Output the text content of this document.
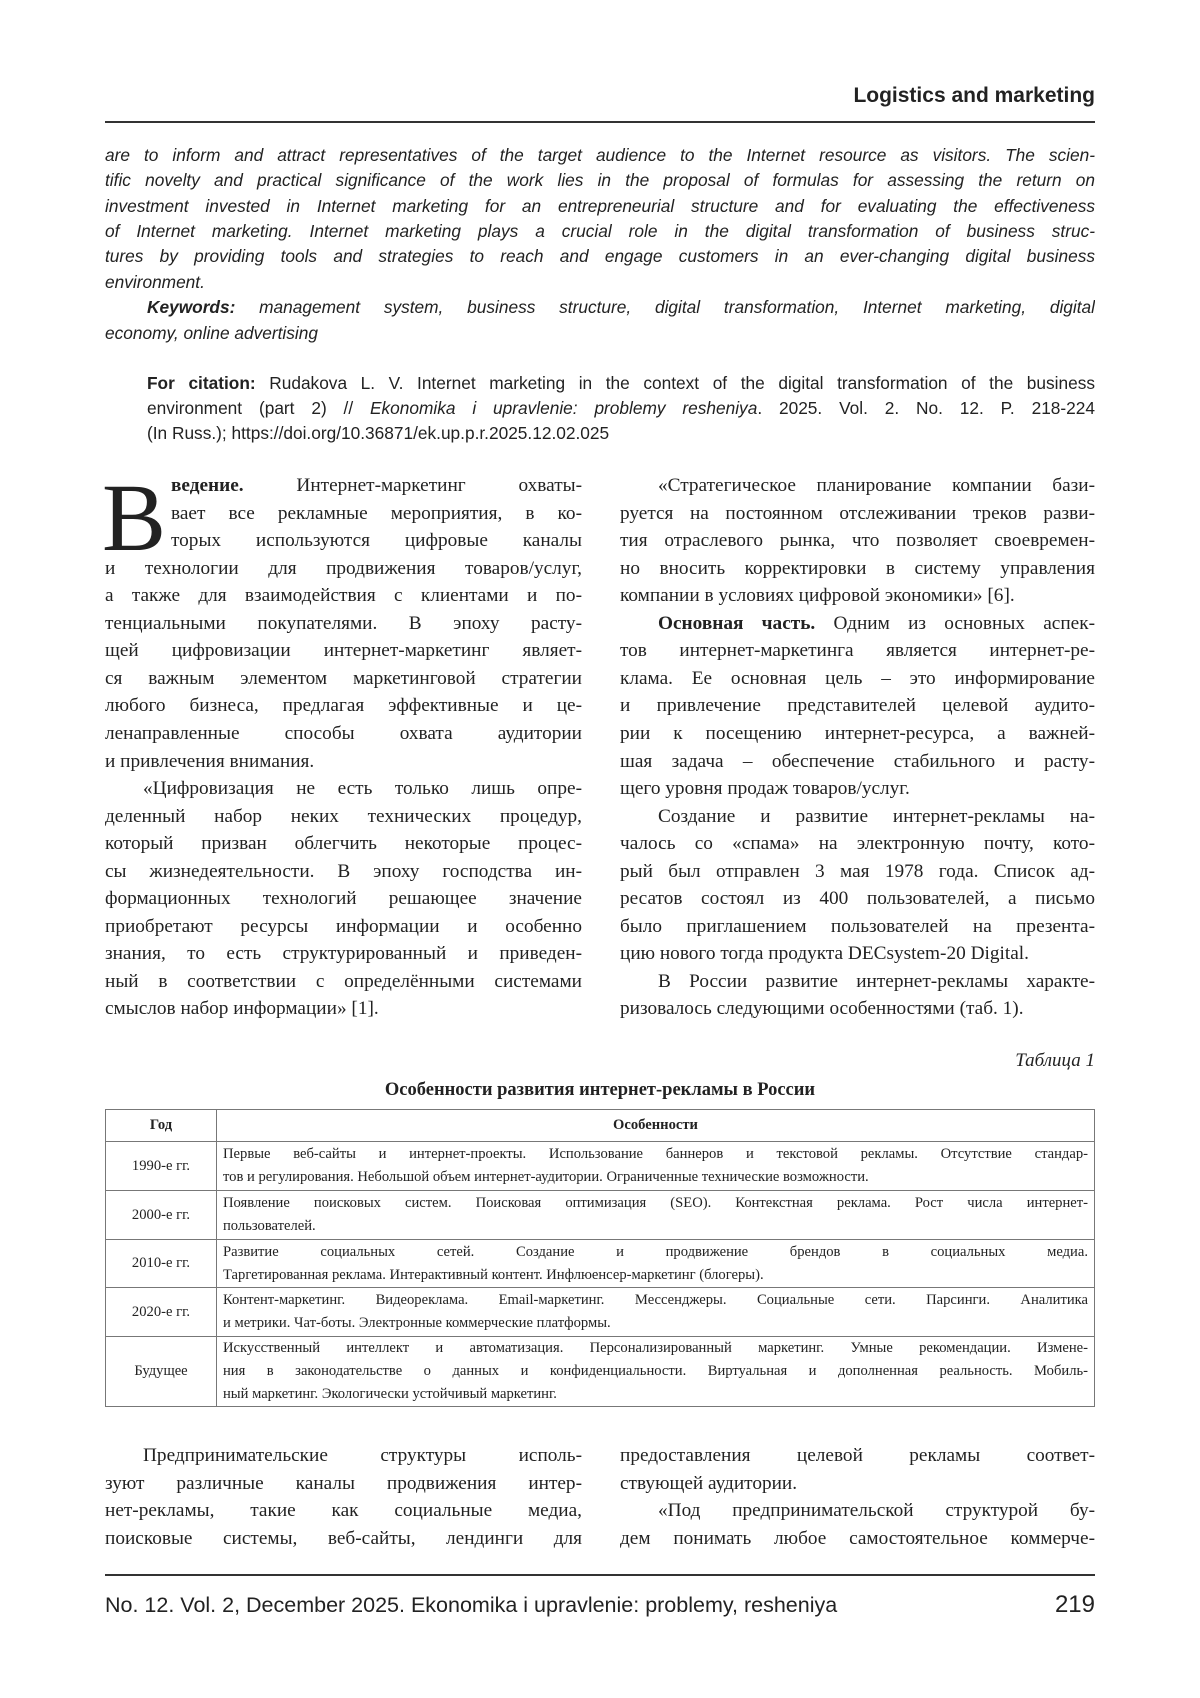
Logistics and marketing
are to inform and attract representatives of the target audience to the Internet resource as visitors. The scien-
tific novelty and practical significance of the work lies in the proposal of formulas for assessing the return on
investment invested in Internet marketing for an entrepreneurial structure and for evaluating the effectiveness
of Internet marketing. Internet marketing plays a crucial role in the digital transformation of business struc-
tures by providing tools and strategies to reach and engage customers in an ever-changing digital business
environment.
Keywords: management system, business structure, digital transformation, Internet marketing, digital
economy, online advertising
For citation: Rudakova L. V. Internet marketing in the context of the digital transformation of the business
environment (part 2) // Ekonomika i upravlenie: problemy resheniya. 2025. Vol. 2. No. 12. P. 218-224
(In Russ.); https://doi.org/10.36871/ek.up.p.r.2025.12.02.025
В ведение. Интернет-маркетинг охваты-
вает все рекламные мероприятия, в ко-
торых используются цифровые каналы
и технологии для продвижения товаров/услуг,
а также для взаимодействия с клиентами и по-
тенциальными покупателями. В эпоху расту-
щей цифровизации интернет-маркетинг являет-
ся важным элементом маркетинговой стратегии
любого бизнеса, предлагая эффективные и це-
ленаправленные способы охвата аудитории
и привлечения внимания.
«Цифровизация не есть только лишь опре-
деленный набор неких технических процедур,
который призван облегчить некоторые процес-
сы жизнедеятельности. В эпоху господства ин-
формационных технологий решающее значение
приобретают ресурсы информации и особенно
знания, то есть структурированный и приведен-
ный в соответствии с определёнными системами
смыслов набор информации» [1].
«Стратегическое планирование компании бази-
руется на постоянном отслеживании треков разви-
тия отраслевого рынка, что позволяет своевремен-
но вносить корректировки в систему управления
компании в условиях цифровой экономики» [6].
Основная часть. Одним из основных аспек-
тов интернет-маркетинга является интернет-ре-
клама. Ее основная цель – это информирование
и привлечение представителей целевой аудито-
рии к посещению интернет-ресурса, а важней-
шая задача – обеспечение стабильного и расту-
щего уровня продаж товаров/услуг.
Создание и развитие интернет-рекламы на-
чалось со «спама» на электронную почту, кото-
рый был отправлен 3 мая 1978 года. Список ад-
ресатов состоял из 400 пользователей, а письмо
было приглашением пользователей на презента-
цию нового тогда продукта DECsystem-20 Digital.
В России развитие интернет-рекламы характе-
ризовалось следующими особенностями (таб. 1).
Таблица 1
Особенности развития интернет-рекламы в России
Год	Особенности
1990-е гг.	
Первые веб-сайты и интернет-проекты. Использование баннеров и текстовой рекламы. Отсутствие стандар-
тов и регулирования. Небольшой объем интернет-аудитории. Ограниченные технические возможности.

2000-е гг.	
Появление поисковых систем. Поисковая оптимизация (SEO). Контекстная реклама. Рост числа интернет-
пользователей.

2010-е гг.	
Развитие социальных сетей. Создание и продвижение брендов в социальных медиа.
Таргетированная реклама. Интерактивный контент. Инфлюенсер-маркетинг (блогеры).

2020-е гг.	
Контент-маркетинг. Видеореклама. Email-маркетинг. Мессенджеры. Социальные сети. Парсинги. Аналитика
и метрики. Чат-боты. Электронные коммерческие платформы.

Будущее	
Искусственный интеллект и автоматизация. Персонализированный маркетинг. Умные рекомендации. Измене-
ния в законодательстве о данных и конфиденциальности. Виртуальная и дополненная реальность. Мобиль-
ный маркетинг. Экологически устойчивый маркетинг.
Предпринимательские структуры исполь-
зуют различные каналы продвижения интер-
нет-рекламы, такие как социальные медиа,
поисковые системы, веб-сайты, лендинги для
предоставления целевой рекламы соответ-
ствующей аудитории.
«Под предпринимательской структурой бу-
дем понимать любое самостоятельное коммерче-
No. 12. Vol. 2, December 2025. Ekonomika i upravlenie: problemy, resheniya	219
